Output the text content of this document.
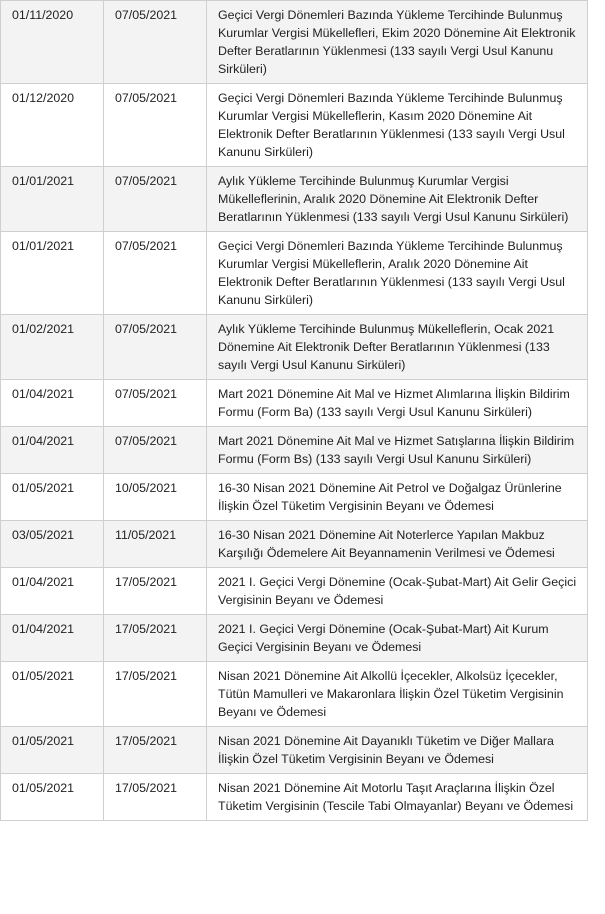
01/11/2020	07/05/2021	Geçici Vergi Dönemleri Bazında Yükleme Tercihinde Bulunmuş Kurumlar Vergisi Mükellefleri, Ekim 2020 Dönemine Ait Elektronik Defter Beratlarının Yüklenmesi (133 sayılı Vergi Usul Kanunu Sirküleri)
01/12/2020	07/05/2021	Geçici Vergi Dönemleri Bazında Yükleme Tercihinde Bulunmuş Kurumlar Vergisi Mükelleflerin, Kasım 2020 Dönemine Ait Elektronik Defter Beratlarının Yüklenmesi (133 sayılı Vergi Usul Kanunu Sirküleri)
01/01/2021	07/05/2021	Aylık Yükleme Tercihinde Bulunmuş Kurumlar Vergisi Mükelleflerinin, Aralık 2020 Dönemine Ait Elektronik Defter Beratlarının Yüklenmesi (133 sayılı Vergi Usul Kanunu Sirküleri)
01/01/2021	07/05/2021	Geçici Vergi Dönemleri Bazında Yükleme Tercihinde Bulunmuş Kurumlar Vergisi Mükelleflerin, Aralık 2020 Dönemine Ait Elektronik Defter Beratlarının Yüklenmesi (133 sayılı Vergi Usul Kanunu Sirküleri)
01/02/2021	07/05/2021	Aylık Yükleme Tercihinde Bulunmuş Mükelleflerin, Ocak 2021 Dönemine Ait Elektronik Defter Beratlarının Yüklenmesi (133 sayılı Vergi Usul Kanunu Sirküleri)
01/04/2021	07/05/2021	Mart 2021 Dönemine Ait Mal ve Hizmet Alımlarına İlişkin Bildirim Formu (Form Ba) (133 sayılı Vergi Usul Kanunu Sirküleri)
01/04/2021	07/05/2021	Mart 2021 Dönemine Ait Mal ve Hizmet Satışlarına İlişkin Bildirim Formu (Form Bs) (133 sayılı Vergi Usul Kanunu Sirküleri)
01/05/2021	10/05/2021	16-30 Nisan 2021 Dönemine Ait Petrol ve Doğalgaz Ürünlerine İlişkin Özel Tüketim Vergisinin Beyanı ve Ödemesi
03/05/2021	11/05/2021	16-30 Nisan 2021 Dönemine Ait Noterlerce Yapılan Makbuz Karşılığı Ödemelere Ait Beyannamenin Verilmesi ve Ödemesi
01/04/2021	17/05/2021	2021 I. Geçici Vergi Dönemine (Ocak-Şubat-Mart) Ait Gelir Geçici Vergisinin Beyanı ve Ödemesi
01/04/2021	17/05/2021	2021 I. Geçici Vergi Dönemine (Ocak-Şubat-Mart) Ait Kurum Geçici Vergisinin Beyanı ve Ödemesi
01/05/2021	17/05/2021	Nisan 2021 Dönemine Ait Alkollü İçecekler, Alkolsüz İçecekler, Tütün Mamulleri ve Makaronlara İlişkin Özel Tüketim Vergisinin Beyanı ve Ödemesi
01/05/2021	17/05/2021	Nisan 2021 Dönemine Ait Dayanıklı Tüketim ve Diğer Mallara İlişkin Özel Tüketim Vergisinin Beyanı ve Ödemesi
01/05/2021	17/05/2021	Nisan 2021 Dönemine Ait Motorlu Taşıt Araçlarına İlişkin Özel Tüketim Vergisinin (Tescile Tabi Olmayanlar) Beyanı ve Ödemesi
